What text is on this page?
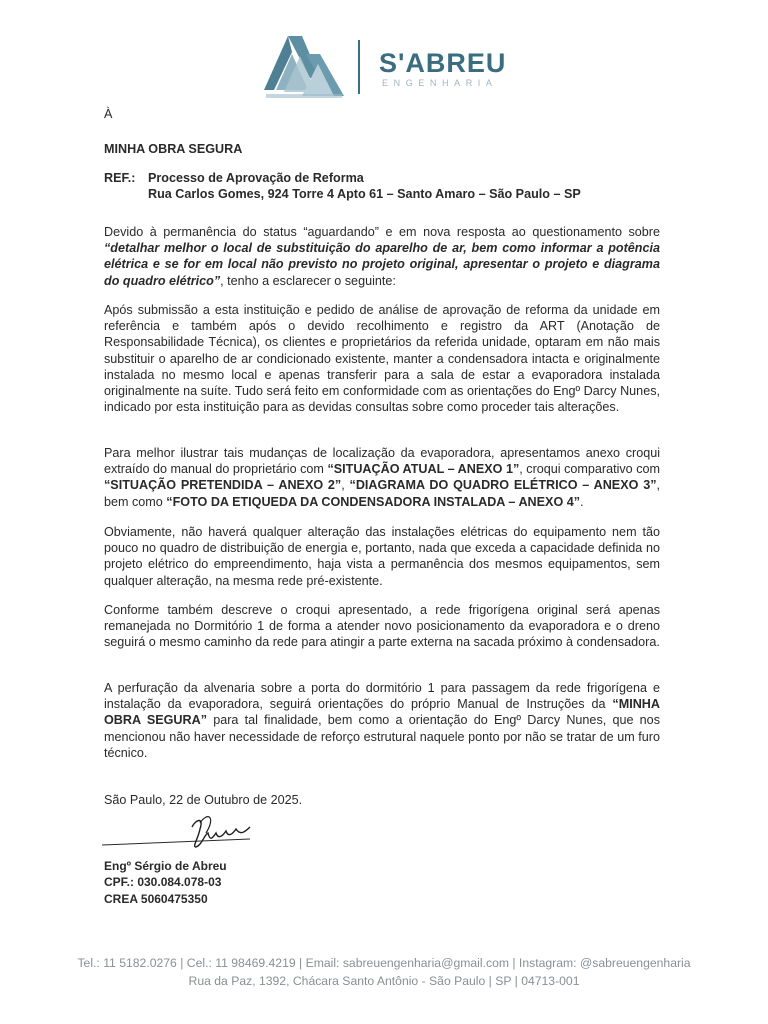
S'ABREU
ENGENHARIA
À
MINHA OBRA SEGURA
REF.: Processo de Aprovação de Reforma
Rua Carlos Gomes, 924 Torre 4 Apto 61 – Santo Amaro – São Paulo – SP
Devido à permanência do status “aguardando” e em nova resposta ao questionamento sobre “detalhar melhor o local de substituição do aparelho de ar, bem como informar a potência elétrica e se for em local não previsto no projeto original, apresentar o projeto e diagrama do quadro elétrico”, tenho a esclarecer o seguinte:
Após submissão a esta instituição e pedido de análise de aprovação de reforma da unidade em referência e também após o devido recolhimento e registro da ART (Anotação de Responsabilidade Técnica), os clientes e proprietários da referida unidade, optaram em não mais substituir o aparelho de ar condicionado existente, manter a condensadora intacta e originalmente instalada no mesmo local e apenas transferir para a sala de estar a evaporadora instalada originalmente na suíte. Tudo será feito em conformidade com as orientações do Engº Darcy Nunes, indicado por esta instituição para as devidas consultas sobre como proceder tais alterações.
Para melhor ilustrar tais mudanças de localização da evaporadora, apresentamos anexo croqui extraído do manual do proprietário com “SITUAÇÃO ATUAL – ANEXO 1”, croqui comparativo com “SITUAÇÃO PRETENDIDA – ANEXO 2”, “DIAGRAMA DO QUADRO ELÉTRICO – ANEXO 3”, bem como “FOTO DA ETIQUEDA DA CONDENSADORA INSTALADA – ANEXO 4”.
Obviamente, não haverá qualquer alteração das instalações elétricas do equipamento nem tão pouco no quadro de distribuição de energia e, portanto, nada que exceda a capacidade definida no projeto elétrico do empreendimento, haja vista a permanência dos mesmos equipamentos, sem qualquer alteração, na mesma rede pré-existente.
Conforme também descreve o croqui apresentado, a rede frigorígena original será apenas remanejada no Dormitório 1 de forma a atender novo posicionamento da evaporadora e o dreno seguirá o mesmo caminho da rede para atingir a parte externa na sacada próximo à condensadora.
A perfuração da alvenaria sobre a porta do dormitório 1 para passagem da rede frigorígena e instalação da evaporadora, seguirá orientações do próprio Manual de Instruções da “MINHA OBRA SEGURA” para tal finalidade, bem como a orientação do Engº Darcy Nunes, que nos mencionou não haver necessidade de reforço estrutural naquele ponto por não se tratar de um furo técnico.
São Paulo, 22 de Outubro de 2025.
Engº Sérgio de Abreu
CPF.: 030.084.078-03
CREA 5060475350
Tel.: 11 5182.0276 | Cel.: 11 98469.4219 | Email: sabreuengenharia@gmail.com | Instagram: @sabreuengenharia
Rua da Paz, 1392, Chácara Santo Antônio - São Paulo | SP | 04713-001
